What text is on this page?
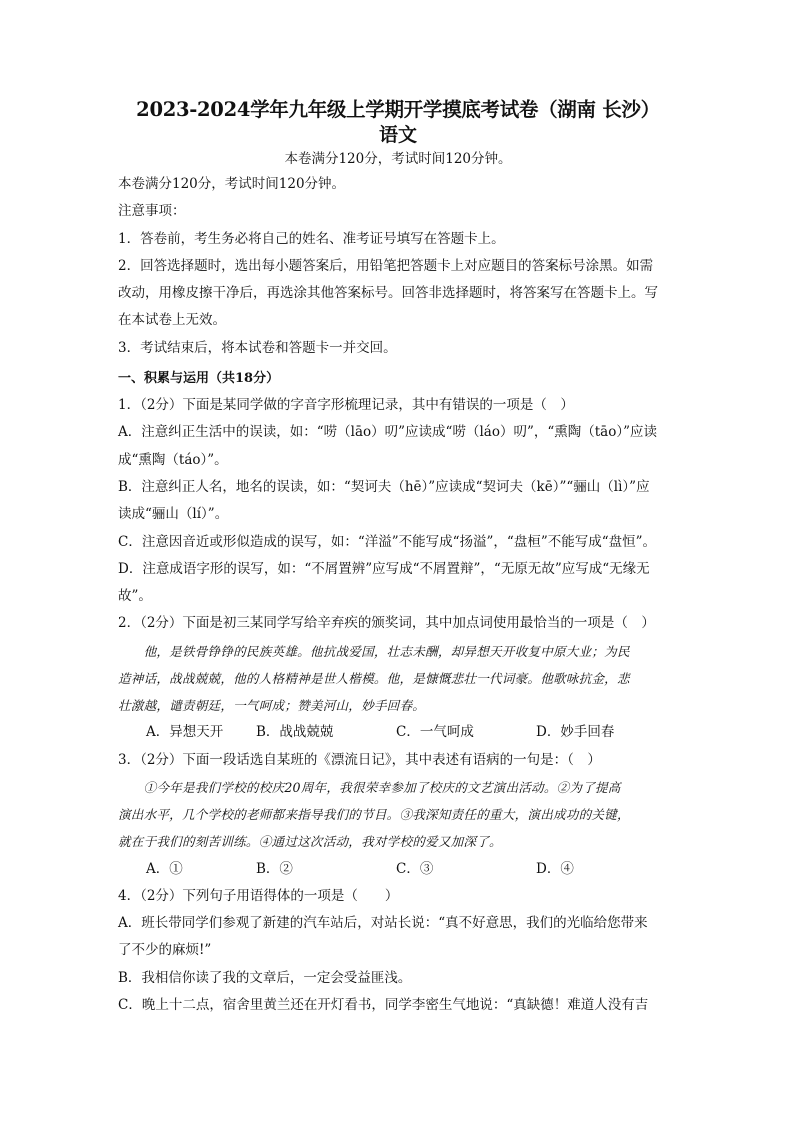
2023-2024学年九年级上学期开学摸底考试卷（湖南 长沙）

语文

本卷满分120分，考试时间120分钟。

本卷满分120分，考试时间120分钟。

注意事项：

1．答卷前，考生务必将自己的姓名、准考证号填写在答题卡上。

2．回答选择题时，选出每小题答案后，用铅笔把答题卡上对应题目的答案标号涂黑。如需

改动，用橡皮擦干净后，再选涂其他答案标号。回答非选择题时，将答案写在答题卡上。写

在本试卷上无效。

3．考试结束后，将本试卷和答题卡一并交回。

一、积累与运用（共18分）

1．（2分）下面是某同学做的字音字形梳理记录，其中有错误的一项是（　）

A．注意纠正生活中的误读，如：“唠（lāo）叨”应读成“唠（láo）叨”，“熏陶（tāo）”应读

成“熏陶（táo）”。

B．注意纠正人名，地名的误读，如：“契诃夫（hē）”应读成“契诃夫（kē）”“骊山（lì）”应

读成“骊山（lí）”。

C．注意因音近或形似造成的误写，如：“洋溢”不能写成“扬溢”，“盘桓”不能写成“盘恒”。

D．注意成语字形的误写，如：“不屑置辨”应写成“不屑置辩”，“无原无故”应写成“无缘无

故”。

2．（2分）下面是初三某同学写给辛弃疾的颁奖词，其中加点词使用最恰当的一项是（　）

　　他，是铁骨铮铮的民族英雄。他抗战爱国，壮志未酬，却异想天开收复中原大业；为民

造神话，战战兢兢，他的人格精神是世人楷模。他，是慷慨悲壮一代词豪。他歌咏抗金，悲

壮激越，谴责朝廷，一气呵成；赞美河山，妙手回春。

A．异想天开	B．战战兢兢	C．一气呵成	D．妙手回春

3．（2分）下面一段话选自某班的《漂流日记》，其中表述有语病的一句是：（　）

　　①今年是我们学校的校庆20周年，我很荣幸参加了校庆的文艺演出活动。②为了提高

演出水平，几个学校的老师都来指导我们的节目。③我深知责任的重大，演出成功的关键，

就在于我们的刻苦训练。④通过这次活动，我对学校的爱又加深了。

A．①	B．②	C．③	D．④

4．（2分）下列句子用语得体的一项是（　　）

A．班长带同学们参观了新建的汽车站后，对站长说：“真不好意思，我们的光临给您带来

了不少的麻烦!”

B．我相信你读了我的文章后，一定会受益匪浅。

C．晚上十二点，宿舍里黄兰还在开灯看书，同学李密生气地说：“真缺德！难道人没有吉
